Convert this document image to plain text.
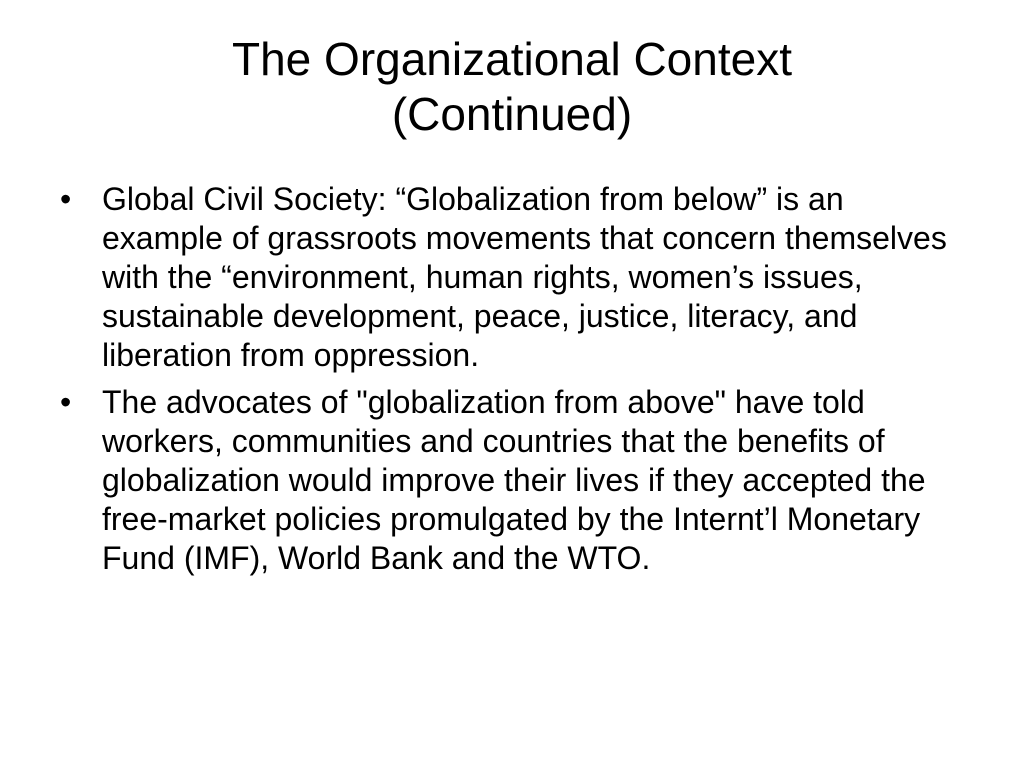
The Organizational Context
(Continued)
• Global Civil Society: “Globalization from below” is an example of grassroots movements that concern themselves with the “environment, human rights, women’s issues, sustainable development, peace, justice, literacy, and liberation from oppression.
• The advocates of "globalization from above" have told workers, communities and countries that the benefits of globalization would improve their lives if they accepted the free-market policies promulgated by the Internt’l Monetary Fund (IMF), World Bank and the WTO.
